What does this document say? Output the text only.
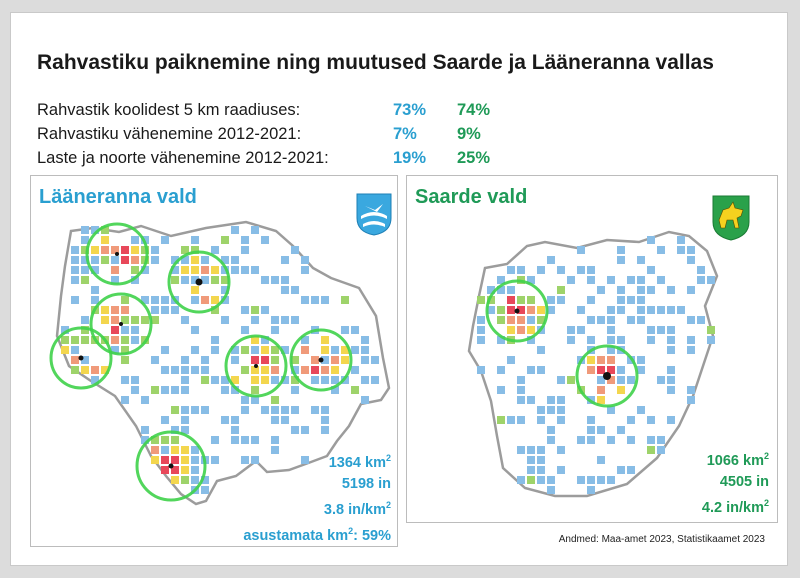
Rahvastiku paiknemine ning muutused Saarde ja Lääneranna vallas
Rahvastik koolidest 5 km raadiuses:	73% 74%
Rahvastiku vähenemine 2012-2021:	7% 9%
Laste ja noorte vähenemine 2012-2021:	19% 25%
Lääneranna vald
1364 $km^2$
5198 in
3.8 $in/km^2$
asustamata $km^2$: 59%
Saarde vald
1066 $km^2$
4505 in
4.2 $in/km^2$
Andmed: Maa-amet 2023, Statistikaamet 2023
